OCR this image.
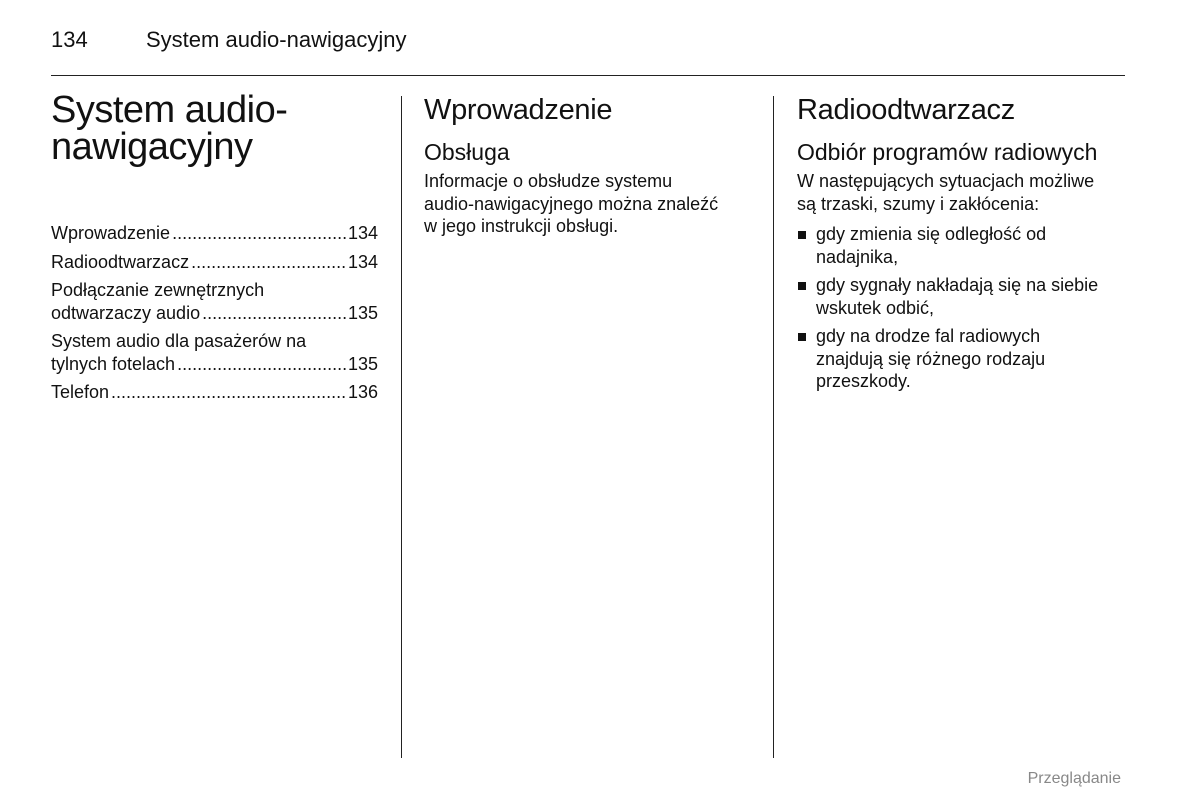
134	System audio-nawigacyjny
System audio-
nawigacyjny
Wprowadzenie .....	134
Radioodtwarzacz .....	134
Podłączanie zewnętrznych
odtwarzaczy audio .....	135
System audio dla pasażerów na
tylnych fotelach .....	135
Telefon .....	136
Wprowadzenie
Obsługa

Informacje o obsłudze systemu
audio-nawigacyjnego można znaleźć
w jego instrukcji obsługi.

Radioodtwarzacz
Odbiór programów radiowych

W następujących sytuacjach możliwe
są trzaski, szumy i zakłócenia:

gdy zmienia się odległość od
nadajnika,
gdy sygnały nakładają się na siebie
wskutek odbić,
gdy na drodze fal radiowych
znajdują się różnego rodzaju
przeszkody.
Przeglądanie
